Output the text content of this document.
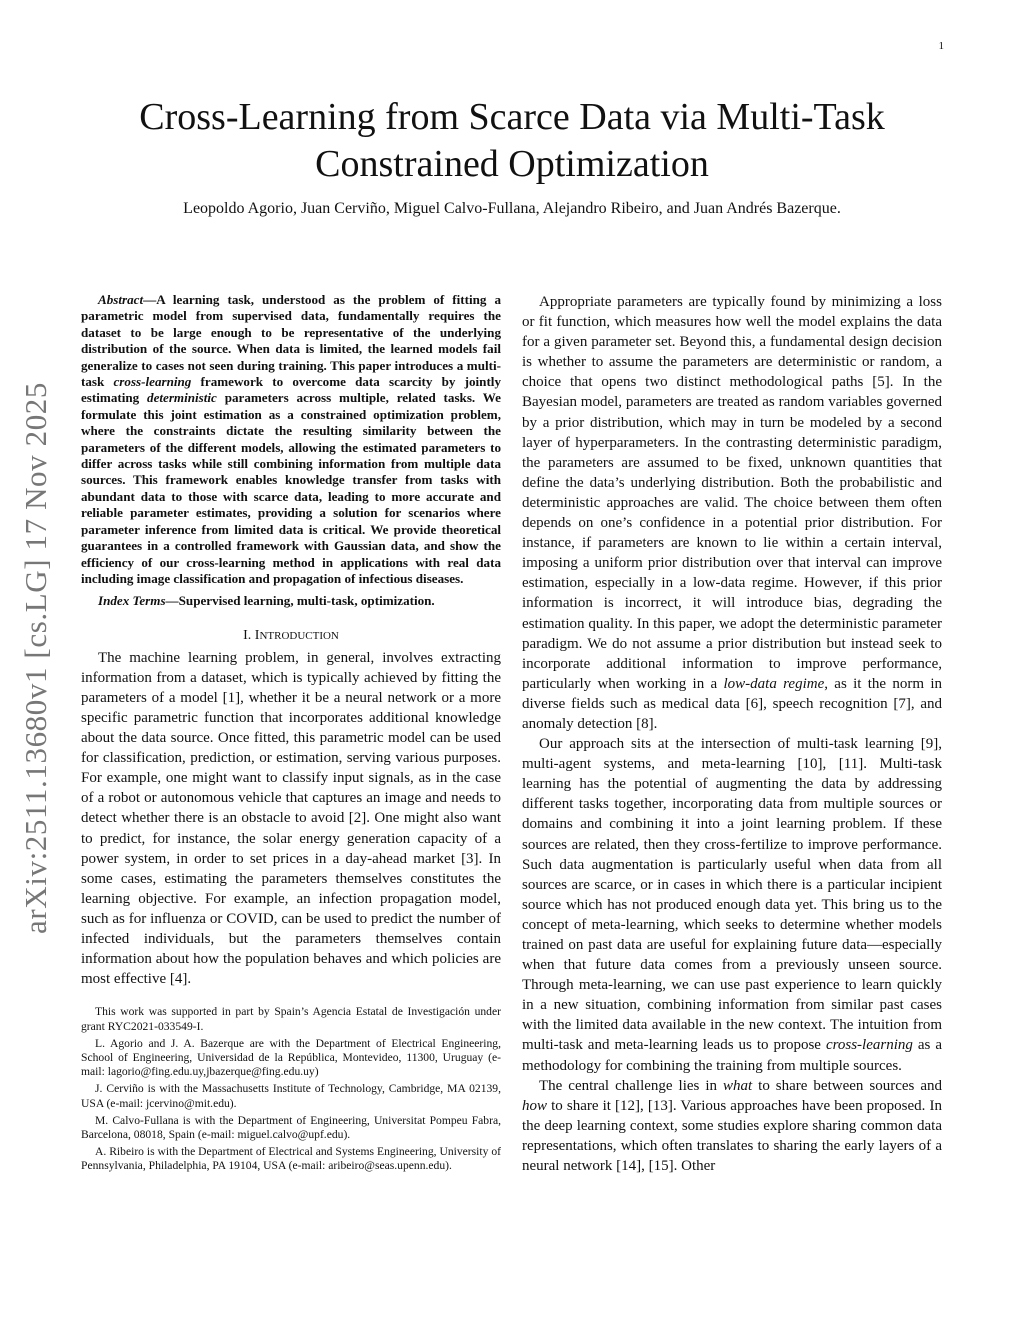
1
arXiv:2511.13680v1 [cs.LG] 17 Nov 2025
Cross-Learning from Scarce Data via Multi-Task
Constrained Optimization
Leopoldo Agorio, Juan Cerviño, Miguel Calvo-Fullana, Alejandro Ribeiro, and Juan Andrés Bazerque.

Abstract—A learning task, understood as the problem of fitting a parametric model from supervised data, fundamentally requires the dataset to be large enough to be representative of the underlying distribution of the source. When data is limited, the learned models fail generalize to cases not seen during training. This paper introduces a multi-task cross-learning framework to overcome data scarcity by jointly estimating deterministic parameters across multiple, related tasks. We formulate this joint estimation as a constrained optimization problem, where the constraints dictate the resulting similarity between the parameters of the different models, allowing the estimated parameters to differ across tasks while still combining information from multiple data sources. This framework enables knowledge transfer from tasks with abundant data to those with scarce data, leading to more accurate and reliable parameter estimates, providing a solution for scenarios where parameter inference from limited data is critical. We provide theoretical guarantees in a controlled framework with Gaussian data, and show the efficiency of our cross-learning method in applications with real data including image classification and propagation of infectious diseases.

Index Terms—Supervised learning, multi-task, optimization.

I. INTRODUCTION

The machine learning problem, in general, involves extracting information from a dataset, which is typically achieved by fitting the parameters of a model [1], whether it be a neural network or a more specific parametric function that incorporates additional knowledge about the data source. Once fitted, this parametric model can be used for classification, prediction, or estimation, serving various purposes. For example, one might want to classify input signals, as in the case of a robot or autonomous vehicle that captures an image and needs to detect whether there is an obstacle to avoid [2]. One might also want to predict, for instance, the solar energy generation capacity of a power system, in order to set prices in a day-ahead market [3]. In some cases, estimating the parameters themselves constitutes the learning objective. For example, an infection propagation model, such as for influenza or COVID, can be used to predict the number of infected individuals, but the parameters themselves contain information about how the population behaves and which policies are most effective [4].

This work was supported in part by Spain’s Agencia Estatal de Investigación under grant RYC2021-033549-I.

L. Agorio and J. A. Bazerque are with the Department of Electrical Engineering, School of Engineering, Universidad de la República, Montevideo, 11300, Uruguay (e-mail: lagorio@fing.edu.uy,jbazerque@fing.edu.uy)

J. Cerviño is with the Massachusetts Institute of Technology, Cambridge, MA 02139, USA (e-mail: jcervino@mit.edu).

M. Calvo-Fullana is with the Department of Engineering, Universitat Pompeu Fabra, Barcelona, 08018, Spain (e-mail: miguel.calvo@upf.edu).

A. Ribeiro is with the Department of Electrical and Systems Engineering, University of Pennsylvania, Philadelphia, PA 19104, USA (e-mail: aribeiro@seas.upenn.edu).

Appropriate parameters are typically found by minimizing a loss or fit function, which measures how well the model explains the data for a given parameter set. Beyond this, a fundamental design decision is whether to assume the parameters are deterministic or random, a choice that opens two distinct methodological paths [5]. In the Bayesian model, parameters are treated as random variables governed by a prior distribution, which may in turn be modeled by a second layer of hyperparameters. In the contrasting deterministic paradigm, the parameters are assumed to be fixed, unknown quantities that define the data’s underlying distribution. Both the probabilistic and deterministic approaches are valid. The choice between them often depends on one’s confidence in a potential prior distribution. For instance, if parameters are known to lie within a certain interval, imposing a uniform prior distribution over that interval can improve estimation, especially in a low-data regime. However, if this prior information is incorrect, it will introduce bias, degrading the estimation quality. In this paper, we adopt the deterministic parameter paradigm. We do not assume a prior distribution but instead seek to incorporate additional information to improve performance, particularly when working in a low-data regime, as it the norm in diverse fields such as medical data [6], speech recognition [7], and anomaly detection [8].

Our approach sits at the intersection of multi-task learning [9], multi-agent systems, and meta-learning [10], [11]. Multi-task learning has the potential of augmenting the data by addressing different tasks together, incorporating data from multiple sources or domains and combining it into a joint learning problem. If these sources are related, then they cross-fertilize to improve performance. Such data augmentation is particularly useful when data from all sources are scarce, or in cases in which there is a particular incipient source which has not produced enough data yet. This bring us to the concept of meta-learning, which seeks to determine whether models trained on past data are useful for explaining future data—especially when that future data comes from a previously unseen source. Through meta-learning, we can use past experience to learn quickly in a new situation, combining information from similar past cases with the limited data available in the new context. The intuition from multi-task and meta-learning leads us to propose cross-learning as a methodology for combining the training from multiple sources.

The central challenge lies in what to share between sources and how to share it [12], [13]. Various approaches have been proposed. In the deep learning context, some studies explore sharing common data representations, which often translates to sharing the early layers of a neural network [14], [15]. Other
